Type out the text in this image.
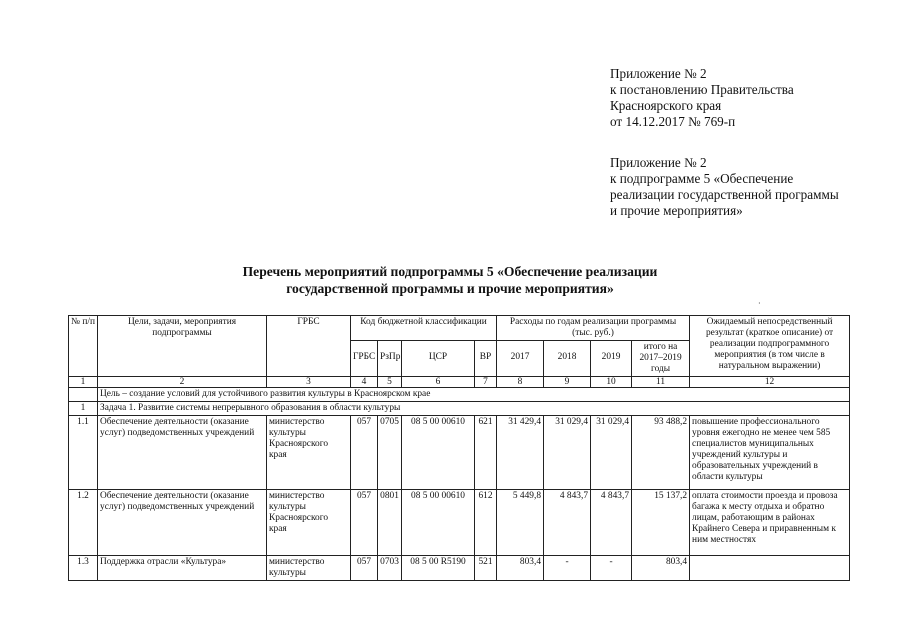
Приложение № 2
к постановлению Правительства
Красноярского края
от 14.12.2017 № 769-п
Приложение № 2
к подпрограмме 5 «Обеспечение
реализации государственной программы
и прочие мероприятия»
Перечень мероприятий подпрограммы 5 «Обеспечение реализации
государственной программы и прочие мероприятия»
·
№ п/п	Цели, задачи, мероприятия подпрограммы	ГРБС	Код бюджетной классификации				Расходы по годам реализации программы (тыс. руб.)				Ожидаемый непосредственный результат (краткое описание) от реализации подпрограммного мероприятия (в том числе в натуральном выражении)

			ГРБС	РзПр	ЦСР	ВР	2017	2018	2019	итого на 2017–2019 годы	
1	2	3	4	5	6	7	8	9	10	11	12
	Цель – создание условий для устойчивого развития культуры в Красноярском крае										
1	Задача 1. Развитие системы непрерывного образования в области культуры										
1.1	Обеспечение деятельности (оказание услуг) подведомственных учреждений	министерство культуры Красноярского края	057	0705	08 5 00 00610	621	31 429,4	31 029,4	31 029,4	93 488,2	повышение профессионального уровня ежегодно не менее чем 585 специалистов муниципальных учреждений культуры и образовательных учреждений в области культуры
1.2	Обеспечение деятельности (оказание услуг) подведомственных учреждений	министерство культуры Красноярского края	057	0801	08 5 00 00610	612	5 449,8	4 843,7	4 843,7	15 137,2	оплата стоимости проезда и провоза багажа к месту отдыха и обратно лицам, работающим в районах Крайнего Севера и приравненным к ним местностях
1.3	Поддержка отрасли «Культура»	министерство культуры	057	0703	08 5 00 R5190	521	803,4	-	-	803,4	
